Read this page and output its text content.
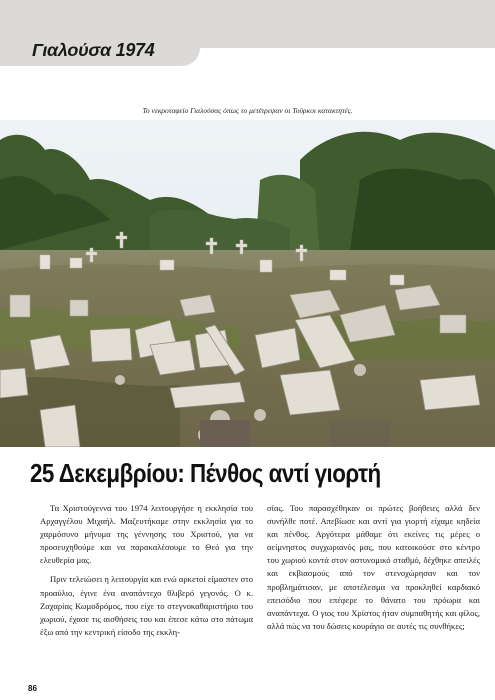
Γιαλούσα 1974
Το νεκροταφείο Γιαλούσας όπως το μετέτρεψαν οι Τούρκοι κατακτητές.
25 Δεκεμβρίου: Πένθος αντί γιορτή

Τα Χριστούγεννα του 1974 λειτουργήσε η εκκλησία του Αρχαγγέλου Μιχαήλ. Μαζευτήκαμε στην εκκλησία για το χαρμόσυνο μήνυμα της γέννησης του Χριστού, για να προσευχηθούμε και να παρακαλέσουμε το Θεό για την ελευθερία μας.

Πριν τελειώσει η λειτουργία και ενώ αρκετοί είμαστεν στο προαύλιο, έγινε ένα αναπάντεχο θλιβερό γεγονός. Ο κ. Ζαχαρίας Κωμοδρόμος, που είχε το στεγνοκαθαριστήριο του χωριού, έχασε τις αισθήσεις του και έπεσε κάτω στο πάτωμα έξω από την κεντρική είσοδο της εκκλη-

σίας. Του παρασχέθηκαν οι πρώτες βοήθειες αλλά δεν συνήλθε ποτέ. Απεβίωσε και αντί για γιορτή είχαμε κηδεία και πένθος. Αργότερα μάθαμε ότι εκείνες τις μέρες ο αείμνηστος συγχωριανός μας, που κατοικούσε στο κέντρο του χωριού κοντά στον αστυνομικό σταθμό, δέχθηκε απειλές και εκβιασμούς από τον στενοχώρησαν και τον προβλημάτισαν, με αποτέλεσμα να προκληθεί καρδιακό επεισόδιο που επέφερε το θάνατο του πρόωρα και αναπάντεχα. Ο γιος του Χρίστος ήταν συμπαθητής και φίλος, αλλά πώς να του δώσεις κουράγιο σε αυτές τις συνθήκες;

86
